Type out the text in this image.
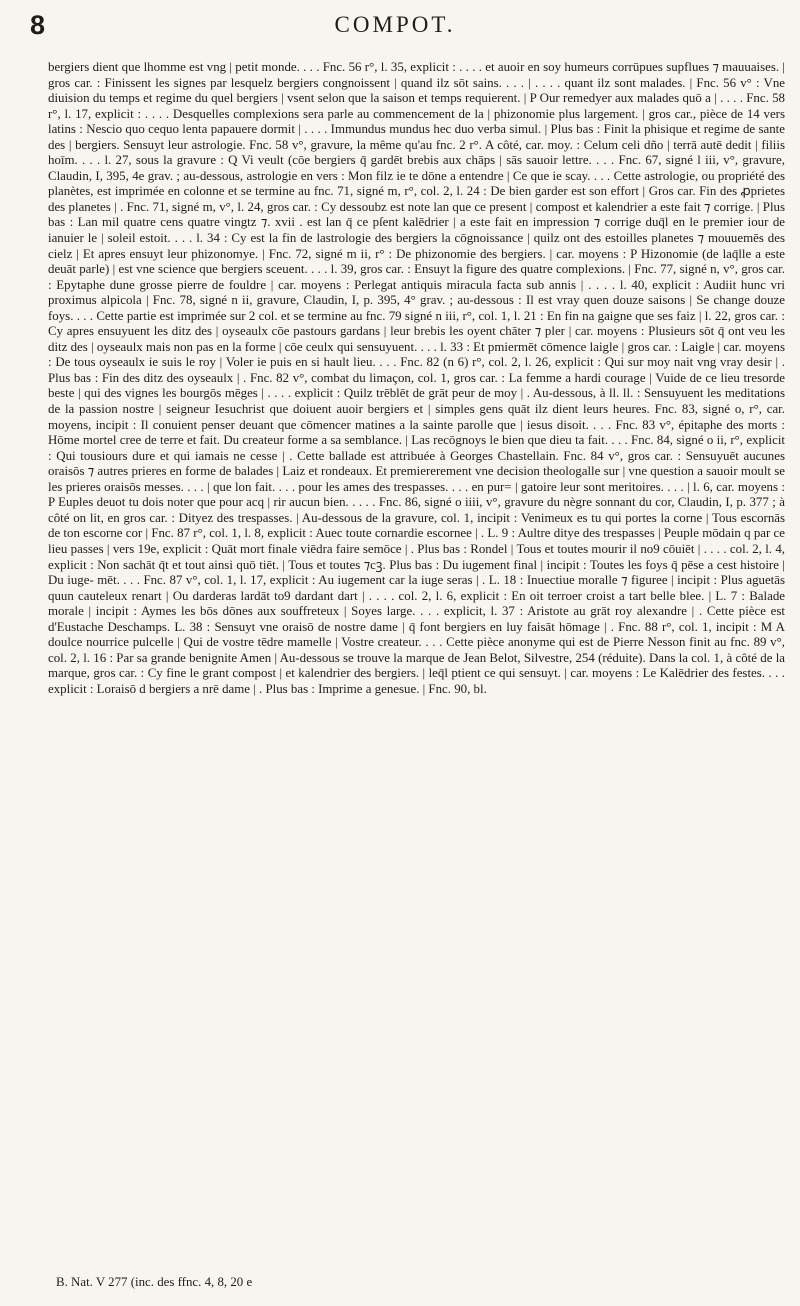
8	COMPOT.

bergiers dient que lhomme est vng | petit monde. . . . Fnc. 56 r°, l. 35, explicit : . . . . et auoir en soy humeurs corrūpues supflues ⁊ mauuaises. | gros car. : Finissent les signes par lesquelz bergiers congnoissent | quand ilz sōt sains. . . . | . . . . quant ilz sont malades. | Fnc. 56 v° : Vne diuision du temps et regime du quel bergiers | vsent selon que la saison et temps requierent. | P Our remedyer aux malades quō a | . . . . Fnc. 58 r°, l. 17, explicit : . . . . Desquelles complexions sera parle au commencement de la | phizonomie plus largement. | gros car., pièce de 14 vers latins : Nescio quo cequo lenta papauere dormit | . . . . Immundus mundus hec duo verba simul. | Plus bas : Finit la phisique et regime de sante des | bergiers. Sensuyt leur astrologie. Fnc. 58 v°, gravure, la même qu'au fnc. 2 r°. A côté, car. moy. : Celum celi dño | terrā autē dedit | filiis hoīm. . . . l. 27, sous la gravure : Q Vi veult (cōe bergiers q̄ gardēt brebis aux chāps | sās sauoir lettre. . . . Fnc. 67, signé l iii, v°, gravure, Claudin, I, 395, 4e grav. ; au-dessous, astrologie en vers : Mon filz ie te dōne a entendre | Ce que ie scay. . . . Cette astrologie, ou propriété des planètes, est imprimée en colonne et se termine au fnc. 71, signé m, r°, col. 2, l. 24 : De bien garder est son effort | Gros car. Fin des ꝓprietes des planetes | . Fnc. 71, signé m, v°, l. 24, gros car. : Cy dessoubz est note lan que ce present | compost et kalendrier a este fait ⁊ corrige. | Plus bas : Lan mil quatre cens quatre vingtz ⁊. xvii . est lan q̄ ce pſent kalēdrier | a este fait en impression ⁊ corrige duq̄l en le premier iour de ianuier le | soleil estoit. . . . l. 34 : Cy est la fin de lastrologie des bergiers la cōgnoissance | quilz ont des estoilles planetes ⁊ mouuemēs des cielz | Et apres ensuyt leur phizonomye. | Fnc. 72, signé m ii, r° : De phizonomie des bergiers. | car. moyens : P Hizonomie (de laq̄lle a este deuāt parle) | est vne science que bergiers sceuent. . . . l. 39, gros car. : Ensuyt la figure des quatre complexions. | Fnc. 77, signé n, v°, gros car. : Epytaphe dune grosse pierre de fouldre | car. moyens : Perlegat antiquis miracula facta sub annis | . . . . l. 40, explicit : Audiit hunc vri proximus alpicola | Fnc. 78, signé n ii, gravure, Claudin, I, p. 395, 4° grav. ; au-dessous : Il est vray quen douze saisons | Se change douze foys. . . . Cette partie est imprimée sur 2 col. et se termine au fnc. 79 signé n iii, r°, col. 1, l. 21 : En fin na gaigne que ses faiz | l. 22, gros car. : Cy apres ensuyuent les ditz des | oyseaulx cōe pastours gardans | leur brebis les oyent chāter ⁊ pler | car. moyens : Plusieurs sōt q̄ ont veu les ditz des | oyseaulx mais non pas en la forme | cōe ceulx qui sensuyuent. . . . l. 33 : Et pmiermēt cōmence laigle | gros car. : Laigle | car. moyens : De tous oyseaulx ie suis le roy | Voler ie puis en si hault lieu. . . . Fnc. 82 (n 6) r°, col. 2, l. 26, explicit : Qui sur moy nait vng vray desir | . Plus bas : Fin des ditz des oyseaulx | . Fnc. 82 v°, combat du limaçon, col. 1, gros car. : La femme a hardi courage | Vuide de ce lieu tresorde beste | qui des vignes les bourgōs mēges | . . . . explicit : Quilz trēblēt de grāt peur de moy | . Au-dessous, à ll. ll. : Sensuyuent les meditations de la passion nostre | seigneur Iesuchrist que doiuent auoir bergiers et | simples gens quāt ilz dient leurs heures. Fnc. 83, signé o, r°, car. moyens, incipit : Il conuient penser deuant que cōmencer matines a la sainte parolle que | iesus disoit. . . . Fnc. 83 v°, épitaphe des morts : Hōme mortel cree de terre et fait. Du createur forme a sa semblance. | Las recōgnoys le bien que dieu ta fait. . . . Fnc. 84, signé o ii, r°, explicit : Qui tousiours dure et qui iamais ne cesse | . Cette ballade est attribuée à Georges Chastellain. Fnc. 84 v°, gros car. : Sensuyuēt aucunes oraisōs ⁊ autres prieres en forme de balades | Laiz et rondeaux. Et premiererement vne decision theologalle sur | vne question a sauoir moult se les prieres oraisōs messes. . . . | que lon fait. . . . pour les ames des trespasses. . . . en pur= | gatoire leur sont meritoires. . . . | l. 6, car. moyens : P Euples deuot tu dois noter que pour acq | rir aucun bien. . . . . Fnc. 86, signé o iiii, v°, gravure du nègre sonnant du cor, Claudin, I, p. 377 ; à côté on lit, en gros car. : Dityez des trespasses. | Au-dessous de la gravure, col. 1, incipit : Venimeux es tu qui portes la corne | Tous escornās de ton escorne cor | Fnc. 87 r°, col. 1, l. 8, explicit : Auec toute cornardie escornee | . L. 9 : Aultre ditye des trespasses | Peuple mōdain q par ce lieu passes | vers 19e, explicit : Quāt mort finale viēdra faire semōce | . Plus bas : Rondel | Tous et toutes mourir il no9 cōuiēt | . . . . col. 2, l. 4, explicit : Non sachāt q̄t et tout ainsi quō tiēt. | Tous et toutes ⁊cꝫ. Plus bas : Du iugement final | incipit : Toutes les foys q̄ pēse a cest histoire | Du iuge- mēt. . . . Fnc. 87 v°, col. 1, l. 17, explicit : Au iugement car la iuge seras | . L. 18 : Inuectiue moralle ⁊ figuree | incipit : Plus aguetās quun cauteleux renart | Ou darderas lardāt to9 dardant dart | . . . . col. 2, l. 6, explicit : En oit terroer croist a tart belle blee. | L. 7 : Balade morale | incipit : Aymes les bōs dōnes aux souffreteux | Soyes large. . . . explicit, l. 37 : Aristote au grāt roy alexandre | . Cette pièce est d'Eustache Deschamps. L. 38 : Sensuyt vne oraisō de nostre dame | q̄ font bergiers en luy faisāt hōmage | . Fnc. 88 r°, col. 1, incipit : M A doulce nourrice pulcelle | Qui de vostre tēdre mamelle | Vostre createur. . . . Cette pièce anonyme qui est de Pierre Nesson finit au fnc. 89 v°, col. 2, l. 16 : Par sa grande benignite Amen | Au-dessous se trouve la marque de Jean Belot, Silvestre, 254 (réduite). Dans la col. 1, à côté de la marque, gros car. : Cy fine le grant compost | et kalendrier des bergiers. | leq̄l ptient ce qui sensuyt. | car. moyens : Le Kalēdrier des festes. . . . explicit : Loraisō d bergiers a nrē dame | . Plus bas : Imprime a genesue. | Fnc. 90, bl.

B. Nat. V 277 (inc. des ffnc. 4, 8, 20 e
